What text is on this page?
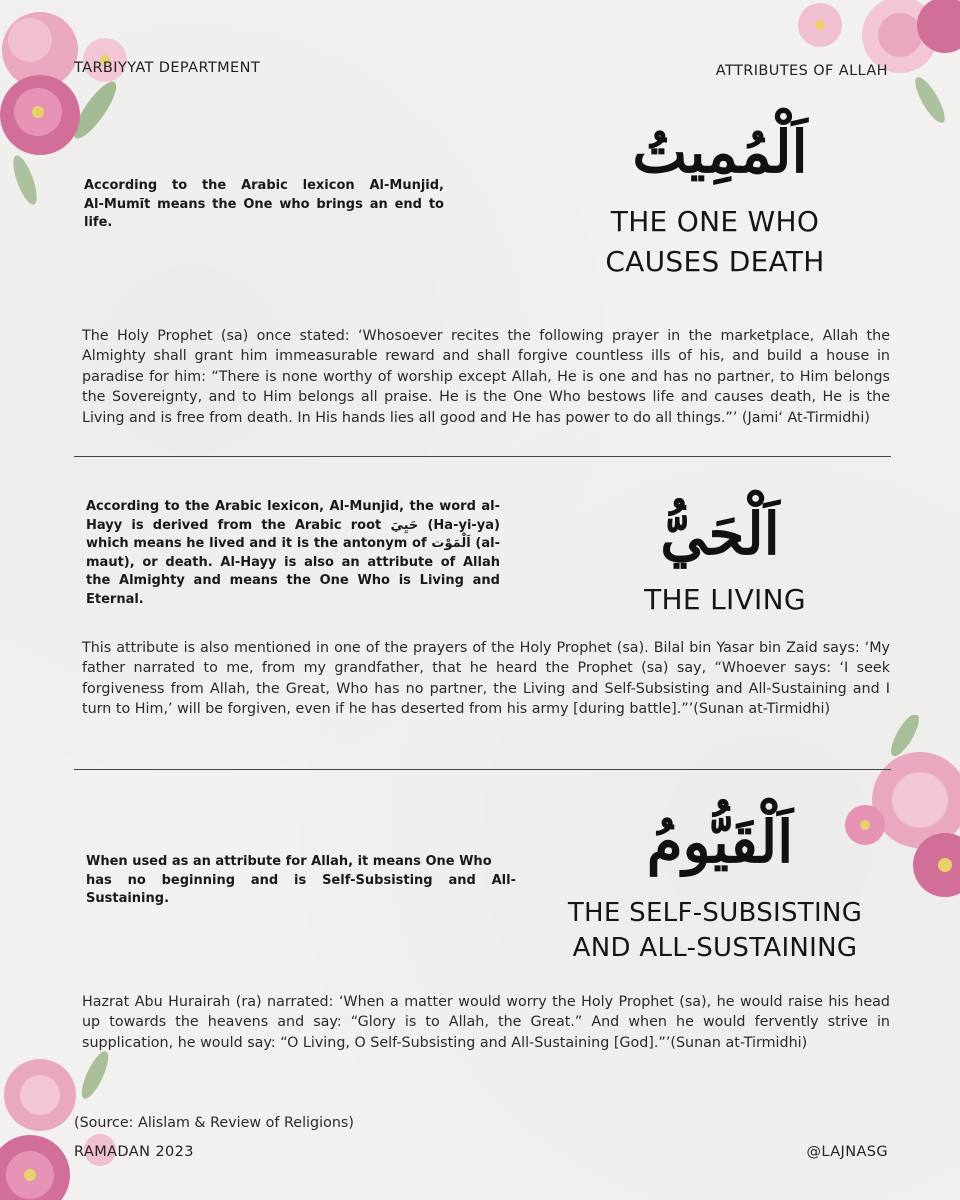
TARBIYYAT DEPARTMENT	ATTRIBUTES OF ALLAH
اَلْمُمِيتُ
THE ONE WHO
CAUSES DEATH
According to the Arabic lexicon Al-Munjid,
Al-Mumīt means the One who brings an end to life.
The Holy Prophet (sa) once stated: ‘Whosoever recites the following prayer in the marketplace, Allah the Almighty shall grant him immeasurable reward and shall forgive countless ills of his, and build a house in paradise for him: “There is none worthy of worship except Allah, He is one and has no partner, to Him belongs the Sovereignty, and to Him belongs all praise. He is the One Who bestows life and causes death, He is the Living and is free from death. In His hands lies all good and He has power to do all things.”’ (Jami‘ At-Tirmidhi)
According to the Arabic lexicon, Al-Munjid, the word al-Hayy is derived from the Arabic root حَيِيَ (Ha-yi-ya) which means he lived and it is the antonym of اَلْمَوْت (al-maut), or death. Al-Hayy is also an attribute of Allah the Almighty and means the One Who is Living and Eternal.
اَلْحَيُّ
THE LIVING
This attribute is also mentioned in one of the prayers of the Holy Prophet (sa). Bilal bin Yasar bin Zaid says: ‘My father narrated to me, from my grandfather, that he heard the Prophet (sa) say, “Whoever says: ‘I seek forgiveness from Allah, the Great, Who has no partner, the Living and Self-Subsisting and All-Sustaining and I turn to Him,’ will be forgiven, even if he has deserted from his army [during battle].”’(Sunan at-Tirmidhi)
اَلْقَيُّومُ
When used as an attribute for Allah, it means One Who
has no beginning and is Self-Subsisting and All-Sustaining.	THE SELF-SUBSISTING
AND ALL-SUSTAINING
Hazrat Abu Hurairah (ra) narrated: ‘When a matter would worry the Holy Prophet (sa), he would raise his head up towards the heavens and say: “Glory is to Allah, the Great.” And when he would fervently strive in supplication, he would say: “O Living, O Self-Subsisting and All-Sustaining [God].”’(Sunan at-Tirmidhi)
(Source: Alislam & Review of Religions)
RAMADAN 2023	@LAJNASG
